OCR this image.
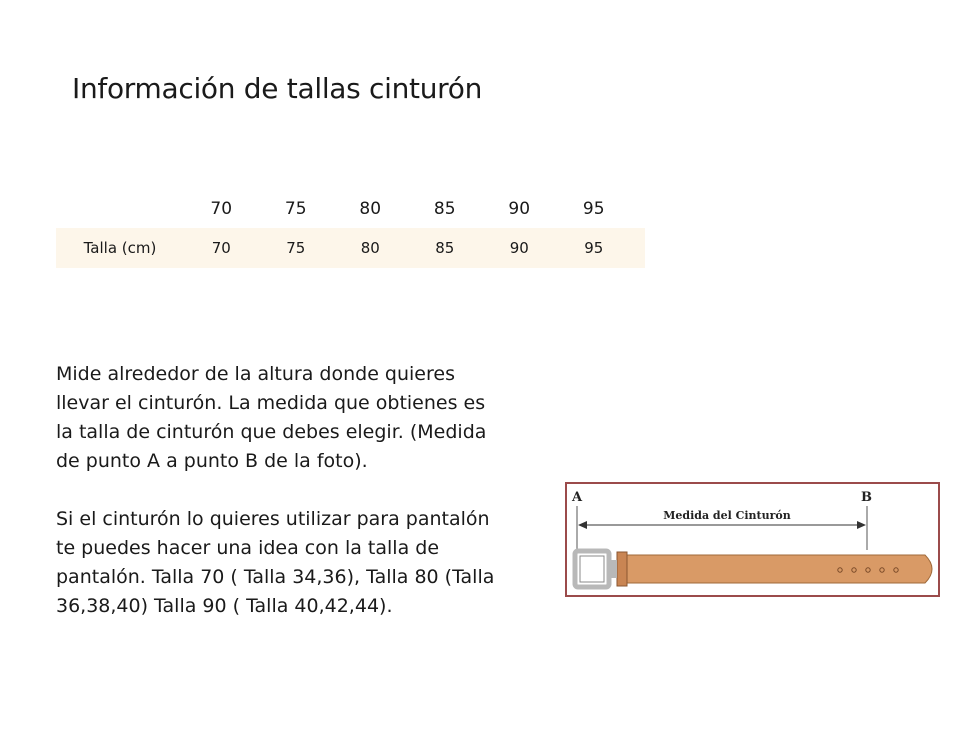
Información de tallas cinturón
	70	75	80	85	90	95	
Talla (cm)	70	75	80	85	90	95	

Mide alrededor de la altura donde quieres llevar el cinturón. La medida que obtienes es la talla de cinturón que debes elegir. (Medida de punto A a punto B de la foto).

Si el cinturón lo quieres utilizar para pantalón te puedes hacer una idea con la talla de pantalón. Talla 70 ( Talla 34,36), Talla 80 (Talla 36,38,40) Talla 90 ( Talla 40,42,44).

A	B
Medida del Cinturón
